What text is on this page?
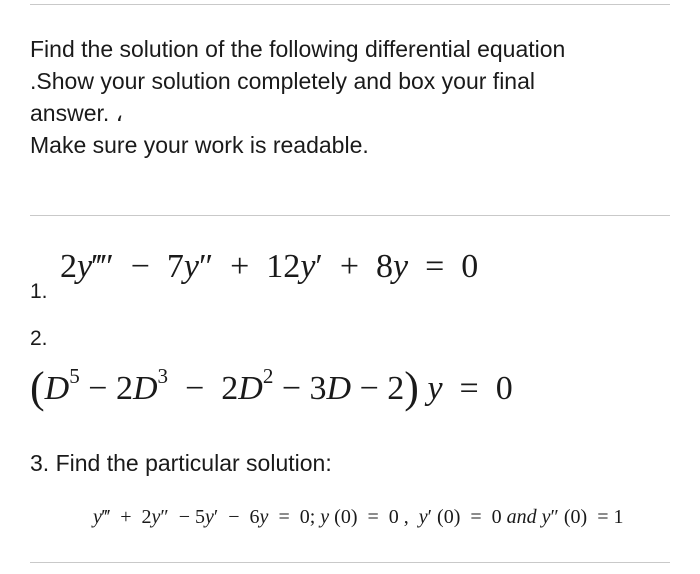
Find the solution of the following differential equation
.Show your solution completely and box your final
answer. ،
Make sure your work is readable.
1.
2y‴′  −  7y″  +  12y′  +  8y  =  0
2.
$(D^5 - 2D^3 - 2D^2 - 3D - 2) y = 0$
3. Find the particular solution:
y‴  +  2y″  − 5y′  −  6y  =  0; y (0)  =  0 ,  y′ (0)  =  0 and y″ (0)  = 1
